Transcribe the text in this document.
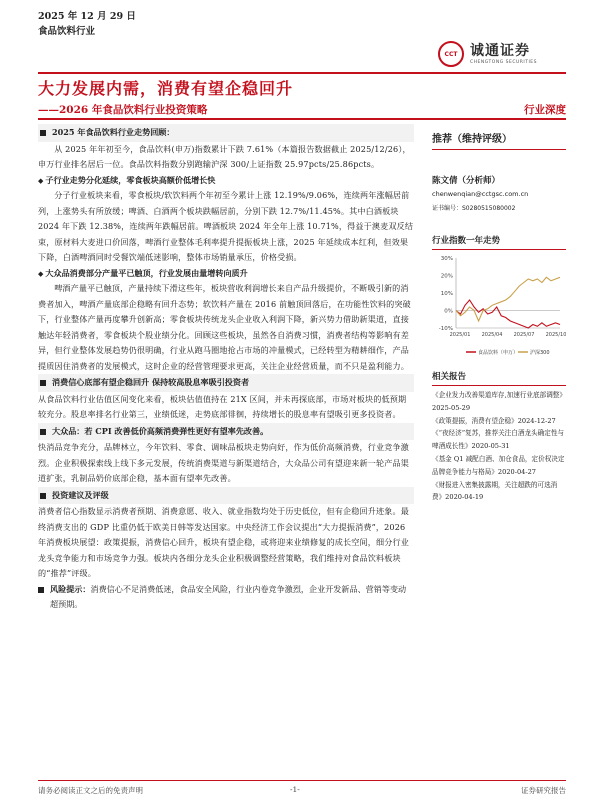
2025 年 12 月 29 日
食品饮料行业
CCT 诚通证券
CHENGTONG SECURITIES
大力发展内需，消费有望企稳回升
——2026 年食品饮料行业投资策略	行业深度
2025 年食品饮料行业走势回顾：

从 2025 年年初至今，食品饮料(申万)指数累计下跌 7.61%（本篇报告数据截止 2025/12/26），申万行业排名居后一位。食品饮料指数分别跑输沪深 300/上证指数 25.97pcts/25.86pcts。

◆ 子行业走势分化延续，零食板块高额价低增长快

分子行业板块来看，零食板块/软饮料两个年初至今累计上涨 12.19%/9.06%，连续两年涨幅居前列，上涨势头有所放缓；啤酒、白酒两个板块跌幅居前，分别下跌 12.7%/11.45%。其中白酒板块 2024 年下跌 12.38%，连续两年跌幅居前。啤酒板块 2024 年全年上涨 10.71%，得益于澳麦双反结束，原材料大麦进口价回落，啤酒行业整体毛利率提升提振板块上涨，2025 年延续成本红利，但效果下降，白酒啤酒同时受餐饮端低迷影响，整体市场销量承压，价格受损。

◆ 大众品消费部分产量平已触顶，行业发展由量增转向质升

啤酒产量平已触顶，产量持续下滑这些年，板块营收利润增长来自产品升级提价，不断吸引新的消费者加入，啤酒产量底部企稳略有回升态势；软饮料产量在 2016 前触顶回落后，在功能性饮料的突破下，行业整体产量再度攀升创新高；零食板块传统龙头企业收入利润下降，新兴势力借助新渠道，直接触达年轻消费者，零食板块个股业绩分化。回顾这些板块，虽然各自消费习惯，消费者结构等影响有差异，但行业整体发展趋势仍很明确，行业从跑马圈地抢占市场的冲量模式，已经转型为精耕细作，产品提质因住消费者的发展模式，这时企业的经营管理要求更高，关注企业经营质量，而不只是盈利能力。

消费信心底部有望企稳回升 保持较高股息率吸引投资者

从食品饮料行业估值区间变化来看，板块估值值持在 21X 区间，并未再探底部，市场对板块的低预期较充分。股息率排名行业第三，业绩低迷，走势底部徘徊，持续增长的股息率有望吸引更多投资者。

大众品 ：若 CPI 改善低价高频消费弹性更好有望率先改善。

快消品竞争充分，品牌林立，今年饮料、零食、调味品板块走势向好，作为低价高频消费，行业竞争激烈。企业积极探索线上线下多元发展，传统消费渠道与新渠道结合，大众品公司有望迎来新一轮产品渠道扩张，乳制品奶价底部企稳，基本面有望率先改善。

投资建议及评级

消费者信心指数显示消费者预期、消费意愿、收入、就业指数均处于历史低位，但有企稳回升迹象。最终消费支出的 GDP 比重仍低于欧美日韩等发达国家。中央经济工作会议提出“大力提振消费”，2026 年消费板块展望：政策提振，消费信心回升，板块有望企稳，或将迎来业绩修复的成长空间，细分行业龙头竞争能力和市场竞争力强。板块内各细分龙头企业积极调整经营策略，我们维持对食品饮料板块的“推荐”评级。

风险提示：消费信心不足消费低迷，食品安全风险，行业内卷竞争激烈，企业开发新品、营销等变动超预期。
推荐（维持评级）
陈文倩（分析师）
chenwenqian@cctgsc.com.cn
证书编号：S0280515080002
行业指数一年走势
30%
20%
10%
0%
-10%
2025/01 2025/04 2025/07 2025/10
食品饮料（申万） 沪深300
相关报告
《企业发力改善渠道库存,加速行业底部调整》2025-05-29
《政策提振，消费有望企稳》2024-12-27
《“夜经济”复苏，推荐关注白酒龙头确定性与啤酒成长性》2020-05-31
《基金 Q1 减配白酒、加仓食品，定价权决定品牌竞争能力与格局》2020-04-27
《财报进入密集披露期，关注超跌的可选消费》2020-04-19
请务必阅读正文之后的免责声明	-1-	证券研究报告
